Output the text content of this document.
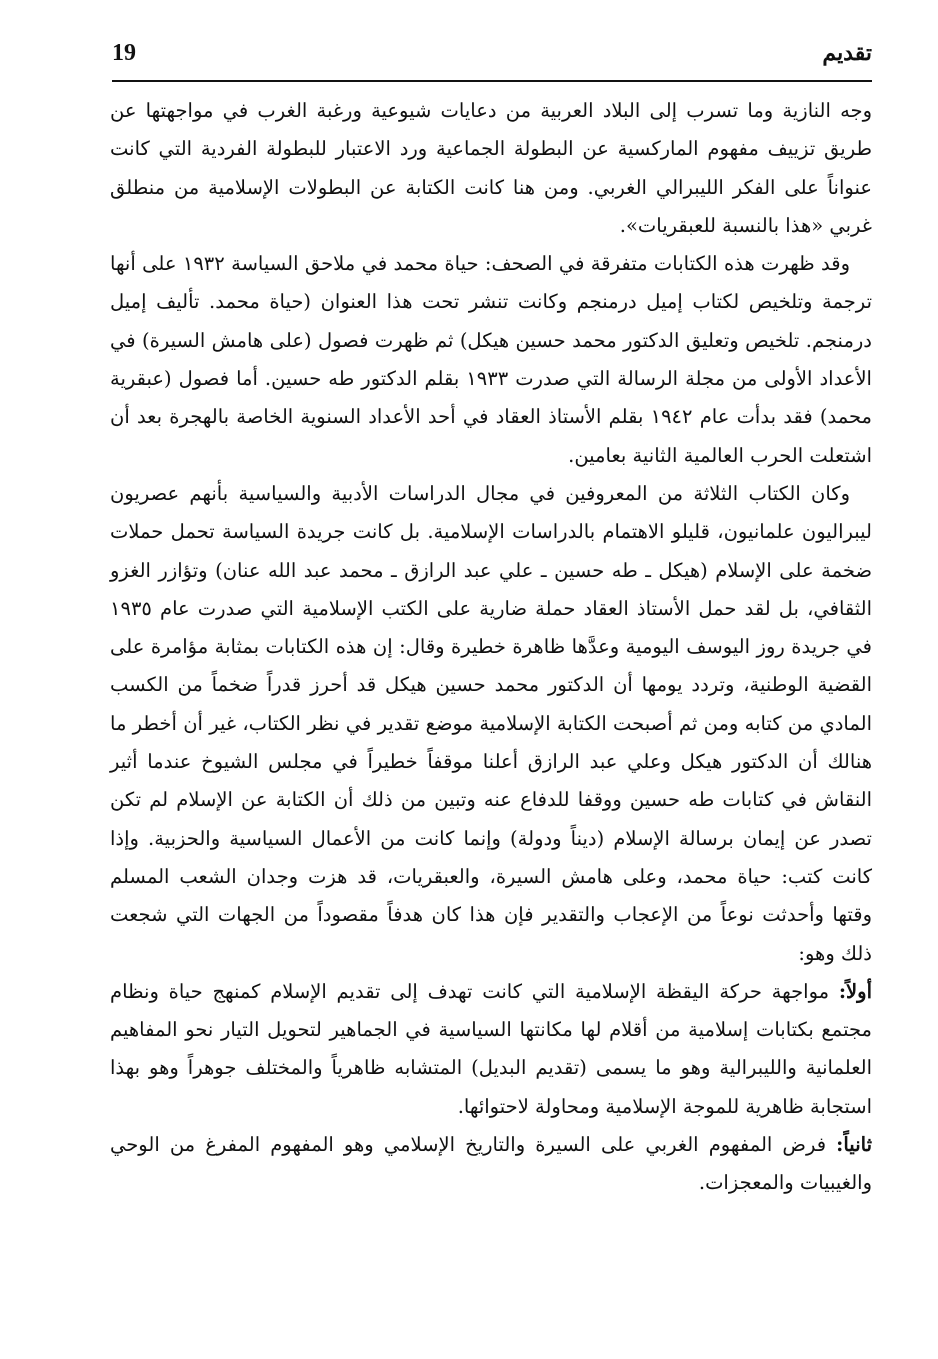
19	تقديم

وجه النازية وما تسرب إلى البلاد العربية من دعايات شيوعية ورغبة الغرب في مواجهتها عن طريق تزييف مفهوم الماركسية عن البطولة الجماعية ورد الاعتبار للبطولة الفردية التي كانت عنواناً على الفكر الليبرالي الغربي. ومن هنا كانت الكتابة عن البطولات الإسلامية من منطلق غربي «هذا بالنسبة للعبقريات».

وقد ظهرت هذه الكتابات متفرقة في الصحف: حياة محمد في ملاحق السياسة ١٩٣٢ على أنها ترجمة وتلخيص لكتاب إميل درمنجم وكانت تنشر تحت هذا العنوان (حياة محمد. تأليف إميل درمنجم. تلخيص وتعليق الدكتور محمد حسين هيكل) ثم ظهرت فصول (على هامش السيرة) في الأعداد الأولى من مجلة الرسالة التي صدرت ١٩٣٣ بقلم الدكتور طه حسين. أما فصول (عبقرية محمد) فقد بدأت عام ١٩٤٢ بقلم الأستاذ العقاد في أحد الأعداد السنوية الخاصة بالهجرة بعد أن اشتعلت الحرب العالمية الثانية بعامين.

وكان الكتاب الثلاثة من المعروفين في مجال الدراسات الأدبية والسياسية بأنهم عصريون ليبراليون علمانيون، قليلو الاهتمام بالدراسات الإسلامية. بل كانت جريدة السياسة تحمل حملات ضخمة على الإسلام (هيكل ـ طه حسين ـ علي عبد الرازق ـ محمد عبد الله عنان) وتؤازر الغزو الثقافي، بل لقد حمل الأستاذ العقاد حملة ضارية على الكتب الإسلامية التي صدرت عام ١٩٣٥ في جريدة روز اليوسف اليومية وعدَّها ظاهرة خطيرة وقال: إن هذه الكتابات بمثابة مؤامرة على القضية الوطنية، وتردد يومها أن الدكتور محمد حسين هيكل قد أحرز قدراً ضخماً من الكسب المادي من كتابه ومن ثم أصبحت الكتابة الإسلامية موضع تقدير في نظر الكتاب، غير أن أخطر ما هنالك أن الدكتور هيكل وعلي عبد الرازق أعلنا موقفاً خطيراً في مجلس الشيوخ عندما أثير النقاش في كتابات طه حسين ووقفا للدفاع عنه وتبين من ذلك أن الكتابة عن الإسلام لم تكن تصدر عن إيمان برسالة الإسلام (ديناً ودولة) وإنما كانت من الأعمال السياسية والحزبية. وإذا كانت كتب: حياة محمد، وعلى هامش السيرة، والعبقريات، قد هزت وجدان الشعب المسلم وقتها وأحدثت نوعاً من الإعجاب والتقدير فإن هذا كان هدفاً مقصوداً من الجهات التي شجعت ذلك وهو:

أولاً: مواجهة حركة اليقظة الإسلامية التي كانت تهدف إلى تقديم الإسلام كمنهج حياة ونظام مجتمع بكتابات إسلامية من أقلام لها مكانتها السياسية في الجماهير لتحويل التيار نحو المفاهيم العلمانية والليبرالية وهو ما يسمى (تقديم البديل) المتشابه ظاهرياً والمختلف جوهراً وهو بهذا استجابة ظاهرية للموجة الإسلامية ومحاولة لاحتوائها.

ثانياً: فرض المفهوم الغربي على السيرة والتاريخ الإسلامي وهو المفهوم المفرغ من الوحي والغيبيات والمعجزات.
